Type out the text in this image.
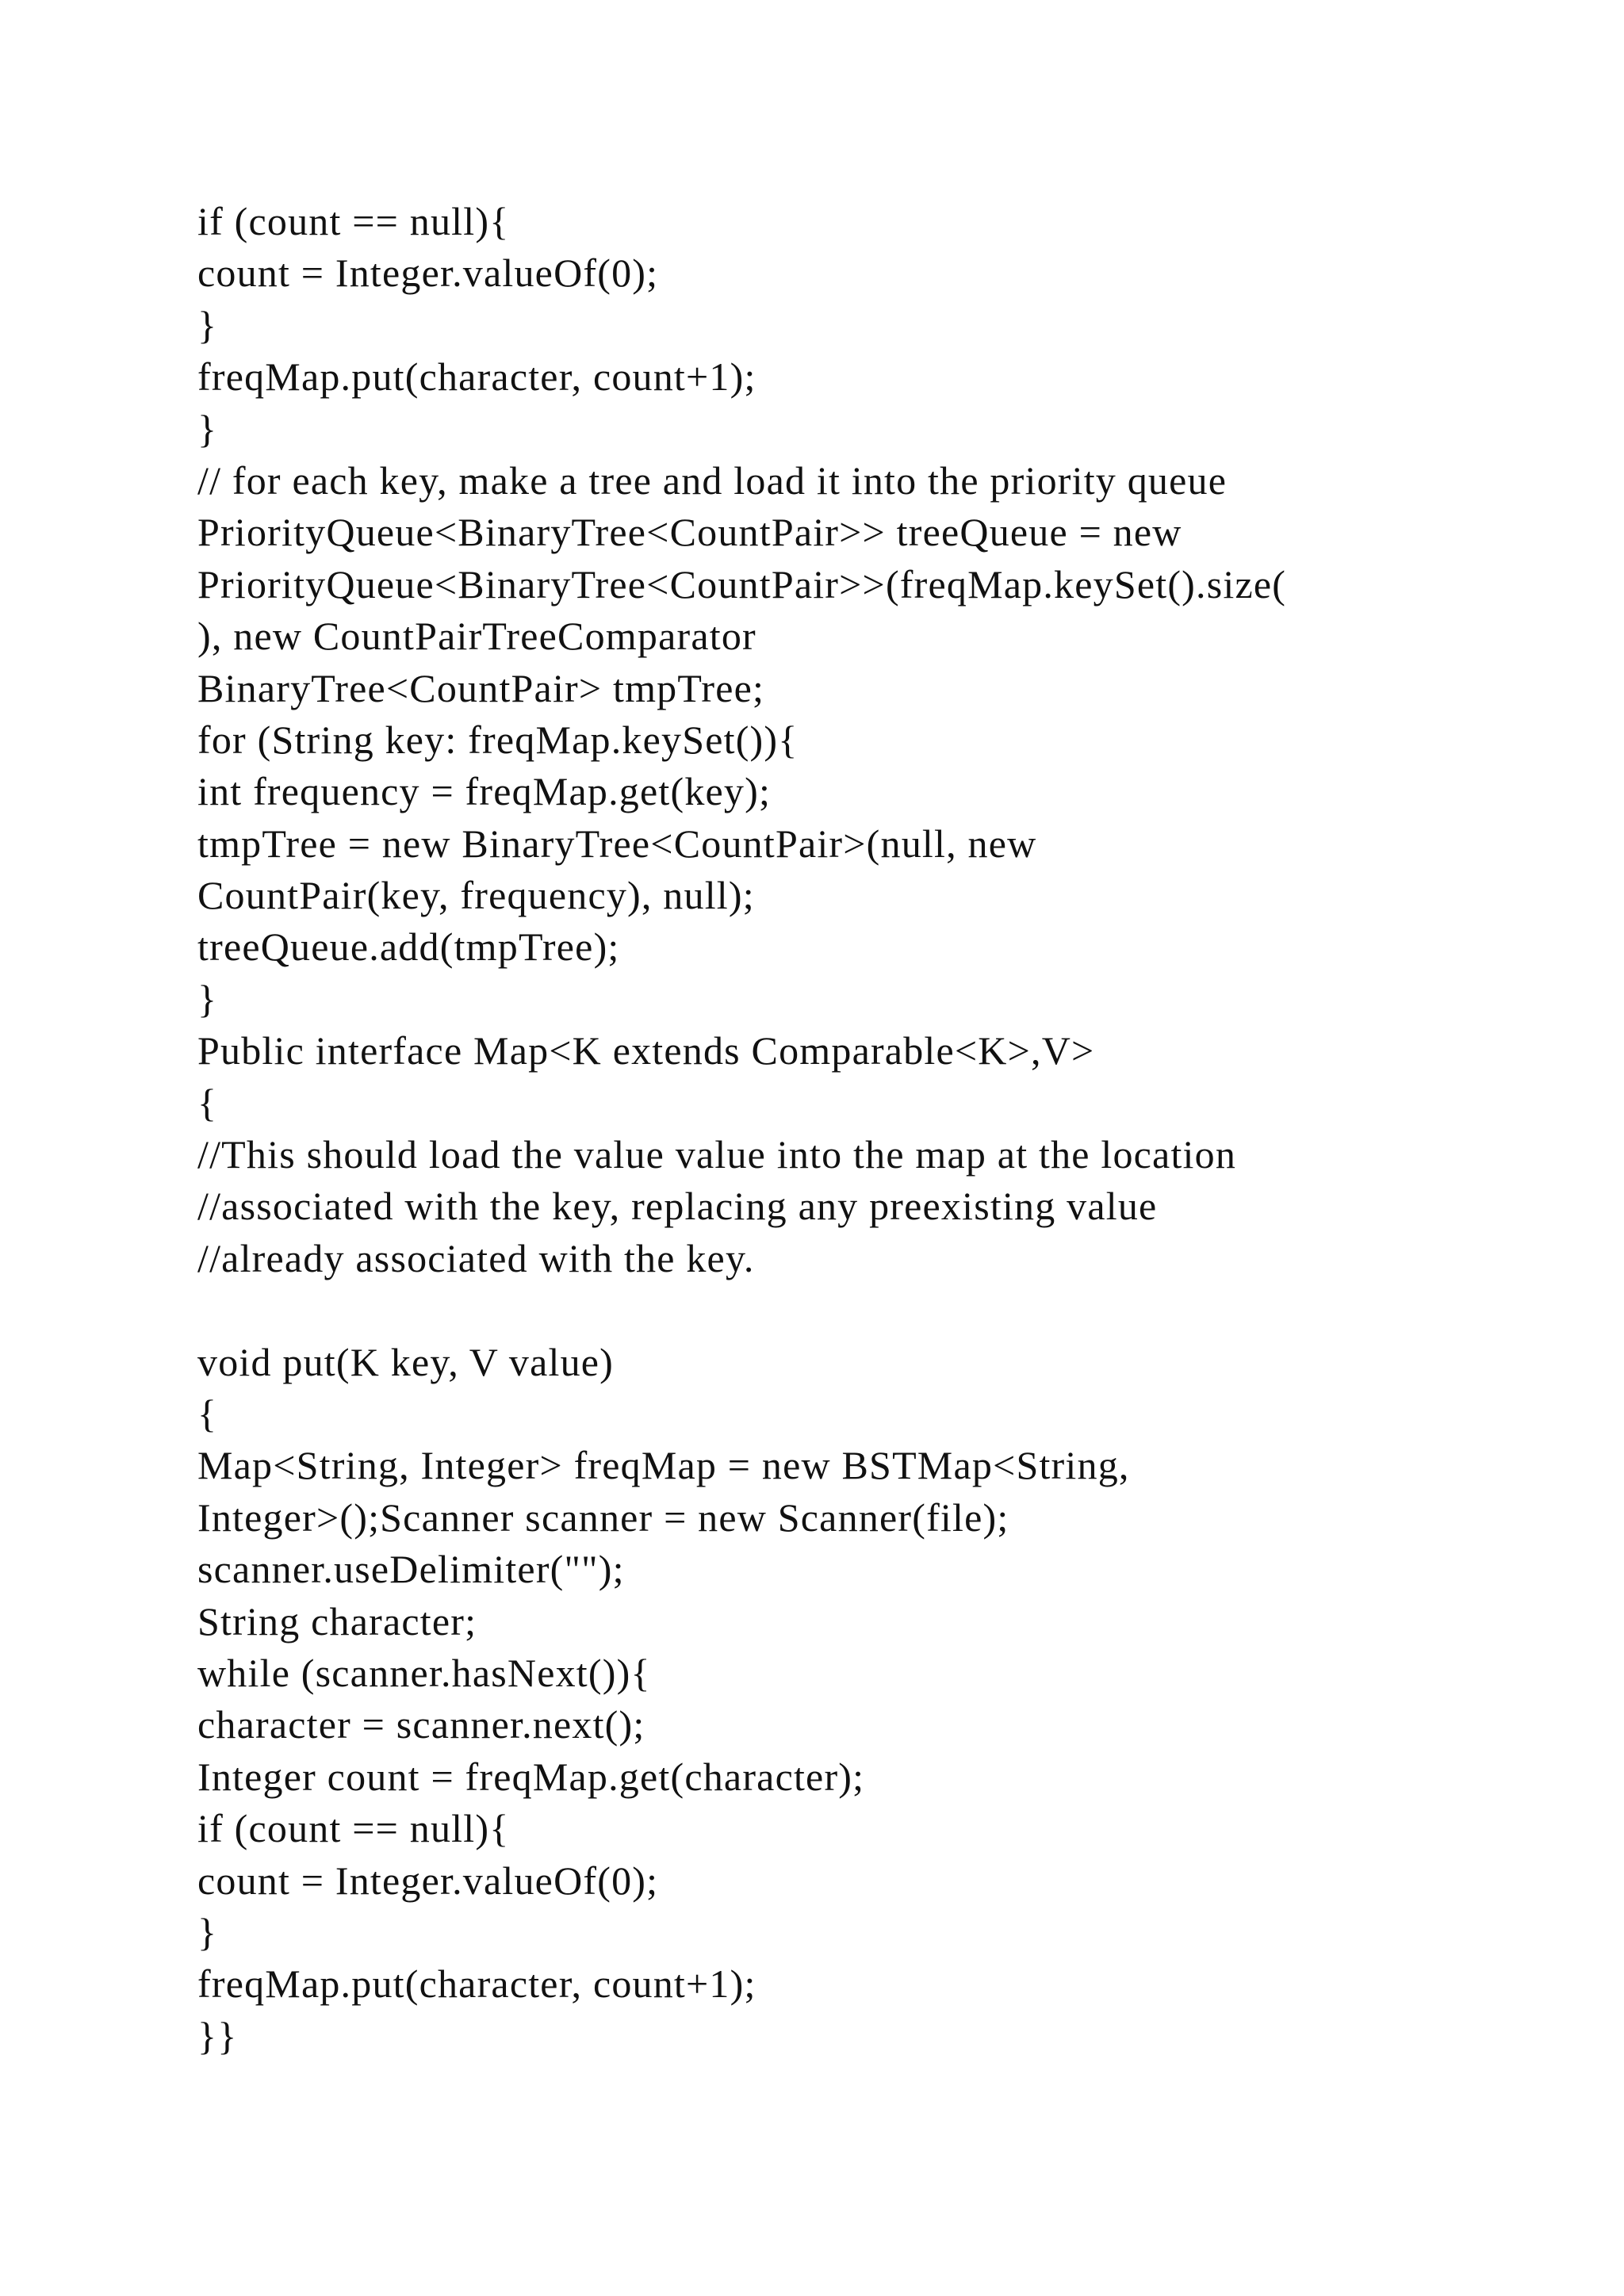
if (count == null){
count = Integer.valueOf(0);
}
freqMap.put(character, count+1);
}
// for each key, make a tree and load it into the priority queue
PriorityQueue<BinaryTree<CountPair>> treeQueue = new
PriorityQueue<BinaryTree<CountPair>>(freqMap.keySet().size(
), new CountPairTreeComparator
BinaryTree<CountPair> tmpTree;
for (String key: freqMap.keySet()){
int frequency = freqMap.get(key);
tmpTree = new BinaryTree<CountPair>(null, new
CountPair(key, frequency), null);
treeQueue.add(tmpTree);
}
Public interface Map<K extends Comparable<K>,V>
{
//This should load the value value into the map at the location
//associated with the key, replacing any preexisting value
//already associated with the key.
void put(K key, V value)
{
Map<String, Integer> freqMap = new BSTMap<String,
Integer>();Scanner scanner = new Scanner(file);
scanner.useDelimiter("");
String character;
while (scanner.hasNext()){
character = scanner.next();
Integer count = freqMap.get(character);
if (count == null){
count = Integer.valueOf(0);
}
freqMap.put(character, count+1);
}}
